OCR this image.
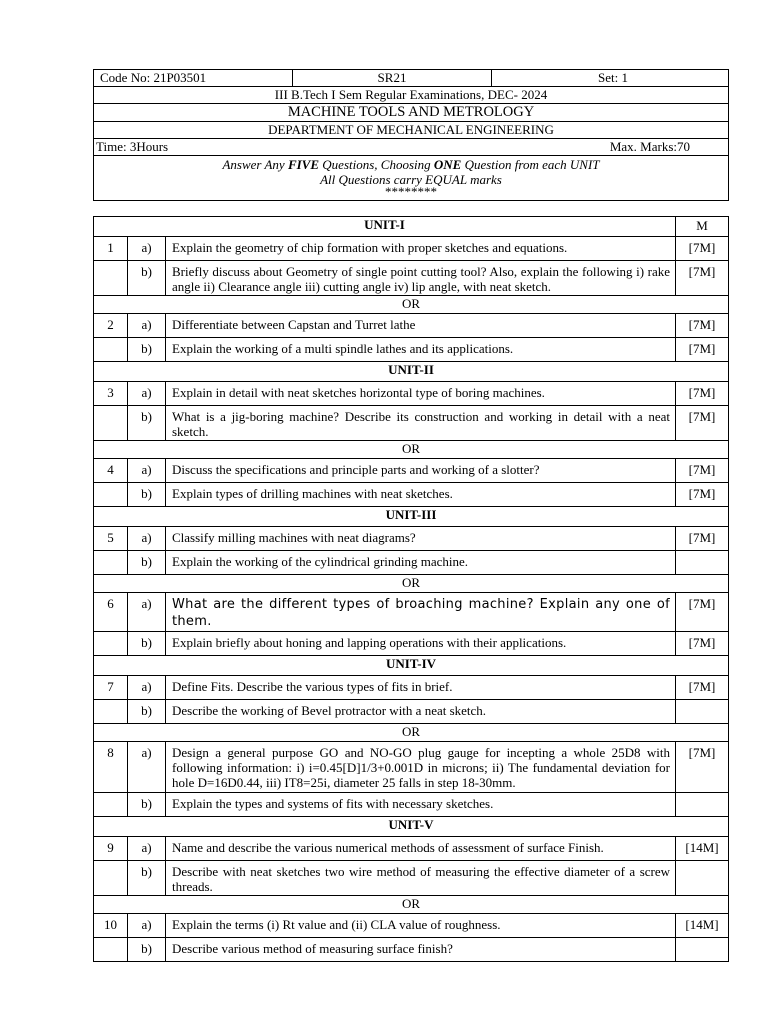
Code No: 21P03501	SR21	Set: 1

III B.Tech I Sem Regular Examinations, DEC- 2024
MACHINE TOOLS AND METROLOGY
DEPARTMENT OF MECHANICAL ENGINEERING
Time: 3Hours	Max. Marks:70
Answer Any FIVE Questions, Choosing ONE Question from each UNIT
All Questions carry EQUAL marks
********
UNIT-I			M
1	a)	Explain the geometry of chip formation with proper sketches and equations.	[7M]
	b)	Briefly discuss about Geometry of single point cutting tool? Also, explain the following i) rake angle ii) Clearance angle iii) cutting angle iv) lip angle, with neat sketch.	[7M]
OR			
2	a)	Differentiate between Capstan and Turret lathe	[7M]
	b)	Explain the working of a multi spindle lathes and its applications.	[7M]
UNIT-II			
3	a)	Explain in detail with neat sketches horizontal type of boring machines.	[7M]
	b)	What is a jig-boring machine? Describe its construction and working in detail with a neat sketch.	[7M]
OR			
4	a)	Discuss the specifications and principle parts and working of a slotter?	[7M]
	b)	Explain types of drilling machines with neat sketches.	[7M]
UNIT-III			
5	a)	Classify milling machines with neat diagrams?	[7M]
	b)	Explain the working of the cylindrical grinding machine.	
OR			
6	a)	What are the different types of broaching machine? Explain any one of them.	[7M]
	b)	Explain briefly about honing and lapping operations with their applications.	[7M]
UNIT-IV			
7	a)	Define Fits. Describe the various types of fits in brief.	[7M]
	b)	Describe the working of Bevel protractor with a neat sketch.	
OR			
8	a)	Design a general purpose GO and NO-GO plug gauge for incepting a whole 25D8 with following information: i) i=0.45[D]1/3+0.001D in microns; ii) The fundamental deviation for hole D=16D0.44, iii) IT8=25i, diameter 25 falls in step 18-30mm.	[7M]
	b)	Explain the types and systems of fits with necessary sketches.	
UNIT-V			
9	a)	Name and describe the various numerical methods of assessment of surface Finish.	[14M]
	b)	Describe with neat sketches two wire method of measuring the effective diameter of a screw threads.	
OR			
10	a)	Explain the terms (i) Rt value and (ii) CLA value of roughness.	[14M]
	b)	Describe various method of measuring surface finish?	
